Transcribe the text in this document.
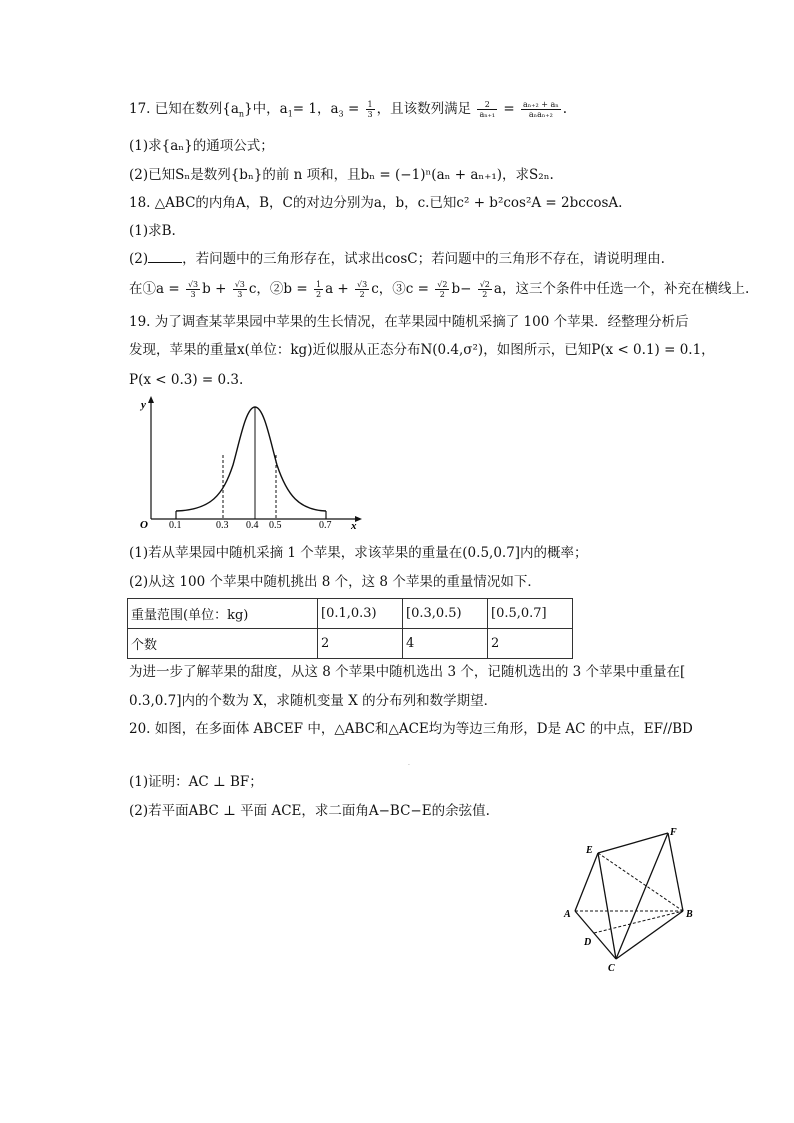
17. 已知在数列$\{a_n\}$中，$a_1= 1$，$a_3 = \frac{1}{3}$ ，且该数列满足 $\frac{2}{\text{aₙ₊₁}} = \frac{\text{aₙ₊₂ + aₙ}}{\text{aₙaₙ₊₂}}$ .
(1)求{aₙ}的通项公式；
(2)已知Sₙ是数列{bₙ}的前 n 项和，且bₙ = (−1)ⁿ(aₙ + aₙ₊₁)，求S₂ₙ.
18. △ABC的内角A，B，C的对边分别为a，b，c.已知c² + b²cos²A = 2bccosA.
(1)求B.
(2)	，若问题中的三角形存在，试求出cosC；若问题中的三角形不存在，请说明理由.
在①a = $\frac{√3}{3}$ $b + \frac{√3}{3}$ c，②b = $\frac{1}{2}$ $a + \frac{√3}{2}$ c，③c = $\frac{√2}{2} b- \frac{√2}{2}$ a，这三个条件中任选一个，补充在横线上.
19. 为了调查某苹果园中苹果的生长情况，在苹果园中随机采摘了 100 个苹果．经整理分析后
发现，苹果的重量x(单位：kg)近似服从正态分布N(0.4,σ²)，如图所示，已知P(x < 0.1) = 0.1，
P(x < 0.3) = 0.3.
y
x
O 0.1	0.3 0.4 0.5	0.7
(1)若从苹果园中随机采摘 1 个苹果，求该苹果的重量在(0.5,0.7]内的概率；
(2)从这 100 个苹果中随机挑出 8 个，这 8 个苹果的重量情况如下．
重量范围(单位：kg)	[0.1,0.3)	[0.3,0.5)	[0.5,0.7]
个数	2	4	2
为进一步了解苹果的甜度，从这 8 个苹果中随机选出 3 个，记随机选出的 3 个苹果中重量在[
0.3,0.7]内的个数为 X，求随机变量 X 的分布列和数学期望．
20. 如图，在多面体 ABCEF 中，△ABC和△ACE均为等边三角形，D是 AC 的中点，EF//BD
.
(1)证明：AC ⊥ BF；
(2)若平面ABC ⊥ 平面 ACE，求二面角A−BC−E的余弦值.
E
F
A	B
D
C
